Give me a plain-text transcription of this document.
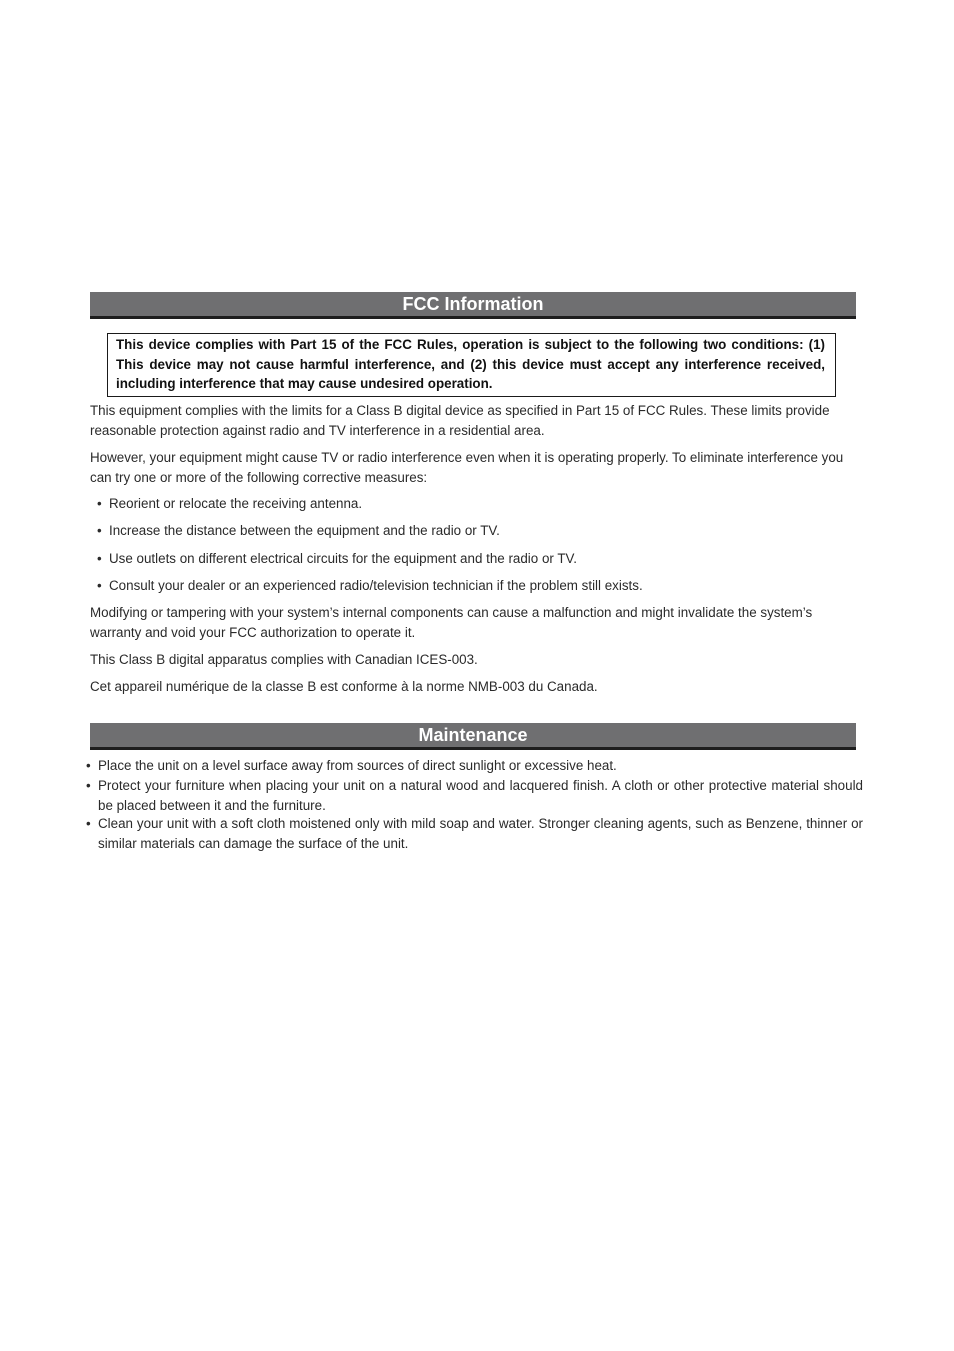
FCC Information
This device complies with Part 15 of the FCC Rules, operation is subject to the following two conditions: (1) This device may not cause harmful interference, and (2) this device must accept any interference received, including interference that may cause undesired operation.
This equipment complies with the limits for a Class B digital device as specified in Part 15 of FCC Rules. These limits provide reasonable protection against radio and TV interference in a residential area.
However, your equipment might cause TV or radio interference even when it is operating properly. To eliminate interference you can try one or more of the following corrective measures:
• Reorient or relocate the receiving antenna.
• Increase the distance between the equipment and the radio or TV.
• Use outlets on different electrical circuits for the equipment and the radio or TV.
• Consult your dealer or an experienced radio/television technician if the problem still exists.
Modifying or tampering with your system’s internal components can cause a malfunction and might invalidate the system’s warranty and void your FCC authorization to operate it.
This Class B digital apparatus complies with Canadian ICES-003.
Cet appareil numérique de la classe B est conforme à la norme NMB-003 du Canada.
Maintenance
• Place the unit on a level surface away from sources of direct sunlight or excessive heat.
• Protect your furniture when placing your unit on a natural wood and lacquered finish. A cloth or other protective material should be placed between it and the furniture.
• Clean your unit with a soft cloth moistened only with mild soap and water. Stronger cleaning agents, such as Benzene, thinner or similar materials can damage the surface of the unit.
